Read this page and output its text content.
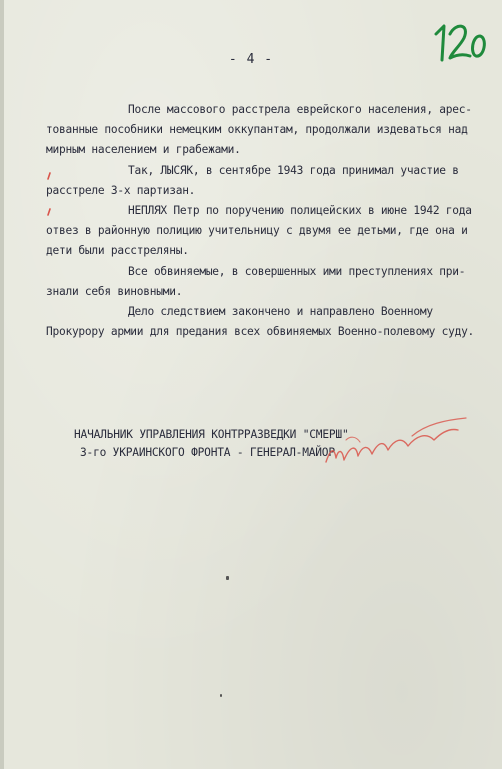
- 4 -
После массового расстрела еврейского населения, арес-
тованные пособники немецким оккупантам, продолжали издеваться над
мирным населением и грабежами.
Так, ЛЫСЯК, в сентябре 1943 года принимал участие в
расстреле 3-х партизан.
НЕПЛЯХ Петр по поручению полицейских в июне 1942 года
отвез в районную полицию учительницу с двумя ее детьми, где она и
дети были расстреляны.
Все обвиняемые, в совершенных ими преступлениях при-
знали себя виновными.
Дело следствием закончено и направлено Военному
Прокурору армии для предания всех обвиняемых Военно-полевому суду.
НАЧАЛЬНИК УПРАВЛЕНИЯ КОНТРРАЗВЕДКИ "СМЕРШ"
3-го УКРАИНСКОГО ФРОНТА - ГЕНЕРАЛ-МАЙОР
